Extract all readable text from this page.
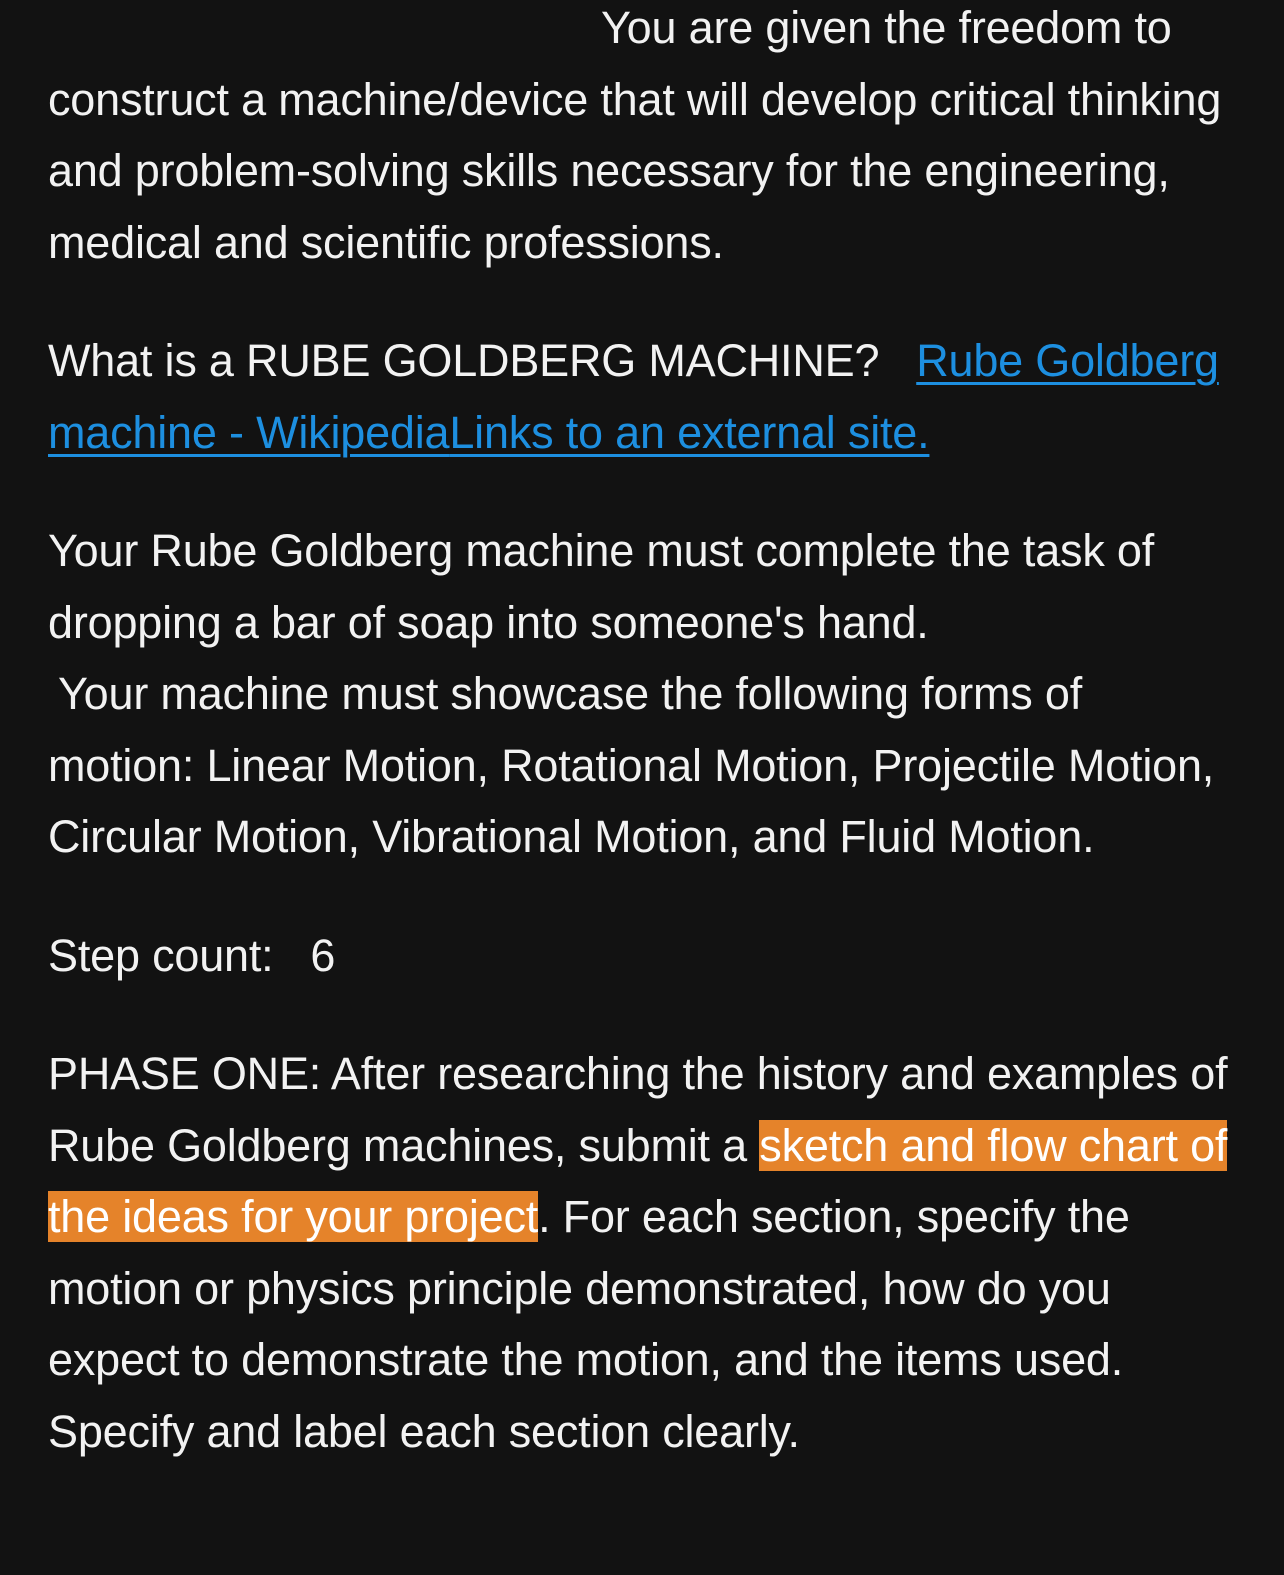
You are given the freedom to construct a machine/device that will develop critical thinking and problem-solving skills necessary for the engineering, medical and scientific professions.

What is a RUBE GOLDBERG MACHINE? Rube Goldberg machine - WikipediaLinks to an external site.

Your Rube Goldberg machine must complete the task of dropping a bar of soap into someone's hand.
Your machine must showcase the following forms of motion: Linear Motion, Rotational Motion, Projectile Motion, Circular Motion, Vibrational Motion, and Fluid Motion.

Step count: 6

PHASE ONE: After researching the history and examples of Rube Goldberg machines, submit a sketch and flow chart of the ideas for your project. For each section, specify the motion or physics principle demonstrated, how do you expect to demonstrate the motion, and the items used. Specify and label each section clearly.
